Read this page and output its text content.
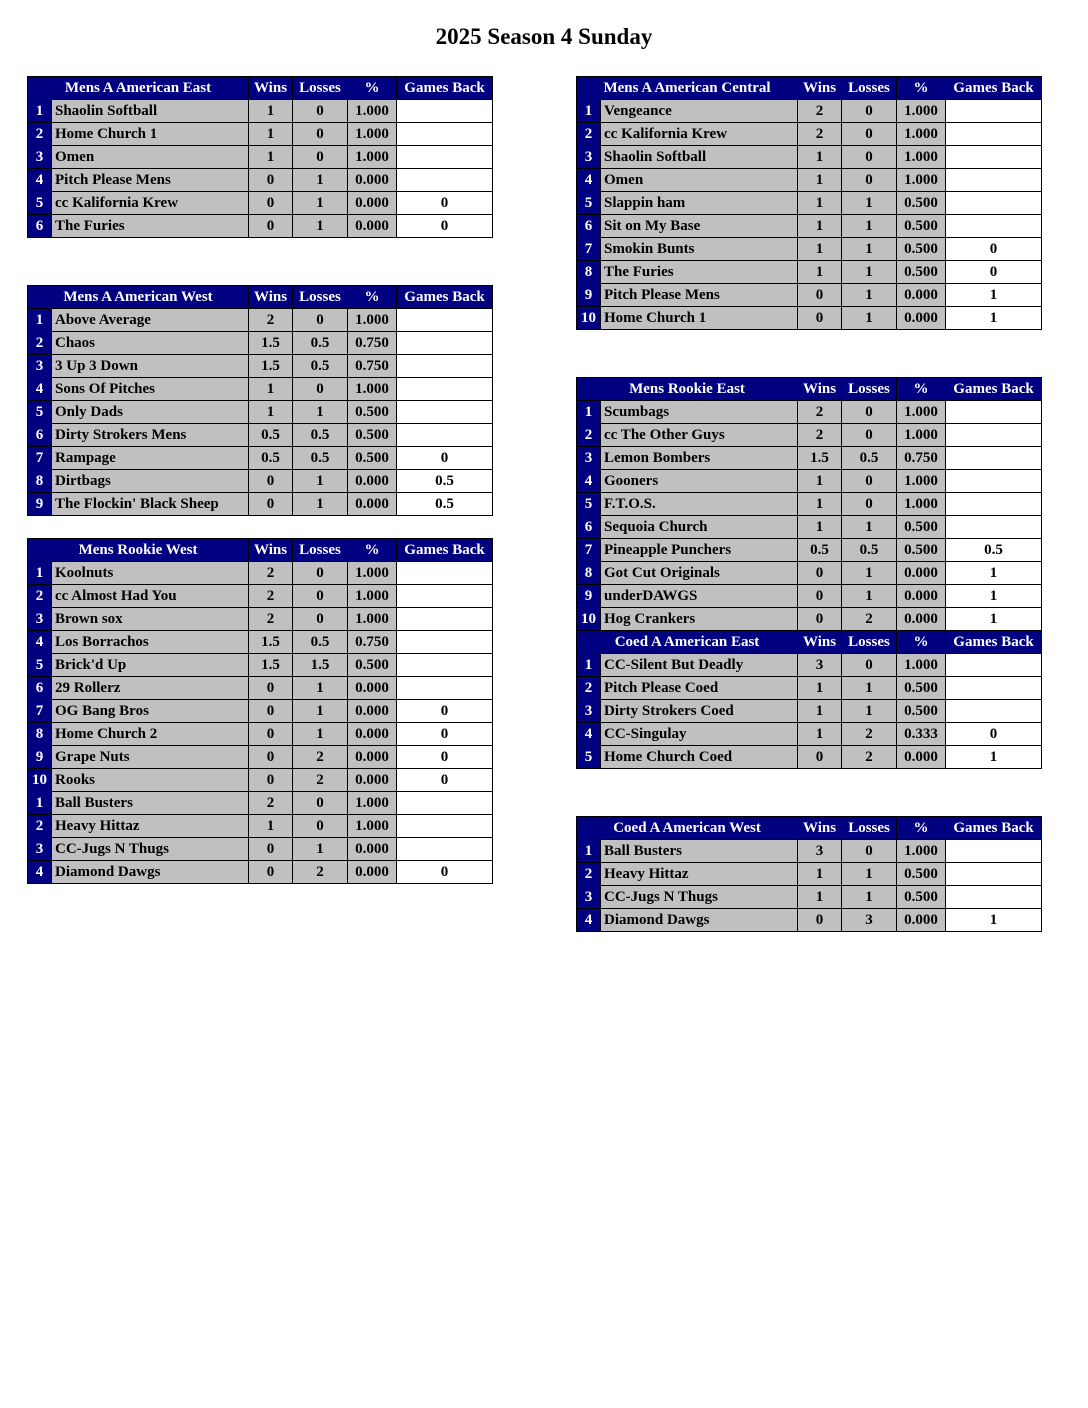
2025 Season 4 Sunday
Mens A American East		Wins	Losses	%	Games Back
1	Shaolin Softball	1	0	1.000	
2	Home Church 1	1	0	1.000	
3	Omen	1	0	1.000	
4	Pitch Please Mens	0	1	0.000	
5	cc Kalifornia Krew	0	1	0.000	0
6	The Furies	0	1	0.000	0
Mens A American West		Wins	Losses	%	Games Back
1	Above Average	2	0	1.000	
2	Chaos	1.5	0.5	0.750	
3	3 Up 3 Down	1.5	0.5	0.750	
4	Sons Of Pitches	1	0	1.000	
5	Only Dads	1	1	0.500	
6	Dirty Strokers Mens	0.5	0.5	0.500	
7	Rampage	0.5	0.5	0.500	0
8	Dirtbags	0	1	0.000	0.5
9	The Flockin' Black Sheep	0	1	0.000	0.5
Mens Rookie West		Wins	Losses	%	Games Back
1	Koolnuts	2	0	1.000	
2	cc Almost Had You	2	0	1.000	
3	Brown sox	2	0	1.000	
4	Los Borrachos	1.5	0.5	0.750	
5	Brick'd Up	1.5	1.5	0.500	
6	29 Rollerz	0	1	0.000	
7	OG Bang Bros	0	1	0.000	0
8	Home Church 2	0	1	0.000	0
9	Grape Nuts	0	2	0.000	0
10	Rooks	0	2	0.000	0
1	Ball Busters	2	0	1.000	
2	Heavy Hittaz	1	0	1.000	
3	CC-Jugs N Thugs	0	1	0.000	
4	Diamond Dawgs	0	2	0.000	0
Mens A American Central		Wins	Losses	%	Games Back
1	Vengeance	2	0	1.000	
2	cc Kalifornia Krew	2	0	1.000	
3	Shaolin Softball	1	0	1.000	
4	Omen	1	0	1.000	
5	Slappin ham	1	1	0.500	
6	Sit on My Base	1	1	0.500	
7	Smokin Bunts	1	1	0.500	0
8	The Furies	1	1	0.500	0
9	Pitch Please Mens	0	1	0.000	1
10	Home Church 1	0	1	0.000	1
Mens Rookie East		Wins	Losses	%	Games Back
1	Scumbags	2	0	1.000	
2	cc The Other Guys	2	0	1.000	
3	Lemon Bombers	1.5	0.5	0.750	
4	Gooners	1	0	1.000	
5	F.T.O.S.	1	0	1.000	
6	Sequoia Church	1	1	0.500	
7	Pineapple Punchers	0.5	0.5	0.500	0.5
8	Got Cut Originals	0	1	0.000	1
9	underDAWGS	0	1	0.000	1
10	Hog Crankers	0	2	0.000	1
Coed A American East		Wins	Losses	%	Games Back
1	CC-Silent But Deadly	3	0	1.000	
2	Pitch Please Coed	1	1	0.500	
3	Dirty Strokers Coed	1	1	0.500	
4	CC-Singulay	1	2	0.333	0
5	Home Church Coed	0	2	0.000	1
Coed A American West		Wins	Losses	%	Games Back
1	Ball Busters	3	0	1.000	
2	Heavy Hittaz	1	1	0.500	
3	CC-Jugs N Thugs	1	1	0.500	
4	Diamond Dawgs	0	3	0.000	1
